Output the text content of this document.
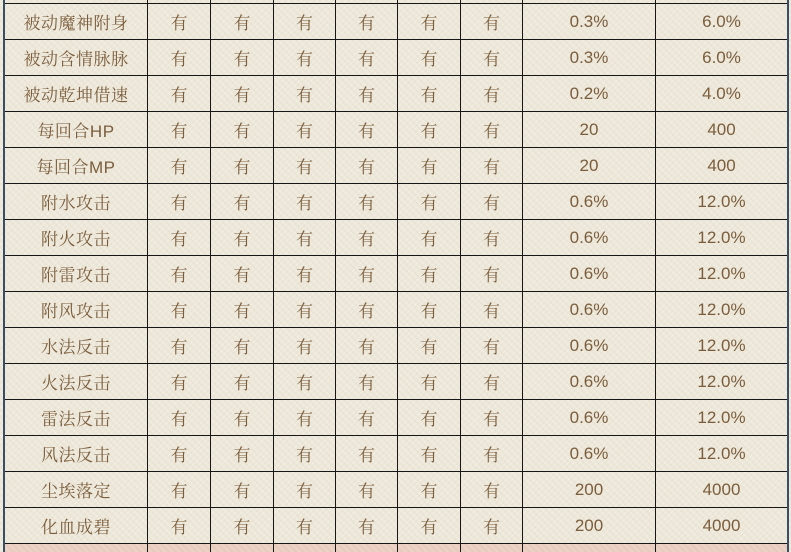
被动魔神附身	有	有	有	有	有	有	0.3%	6.0%
被动含情脉脉	有	有	有	有	有	有	0.3%	6.0%
被动乾坤借速	有	有	有	有	有	有	0.2%	4.0%
每回合HP	有	有	有	有	有	有	20	400
每回合MP	有	有	有	有	有	有	20	400
附水攻击	有	有	有	有	有	有	0.6%	12.0%
附火攻击	有	有	有	有	有	有	0.6%	12.0%
附雷攻击	有	有	有	有	有	有	0.6%	12.0%
附风攻击	有	有	有	有	有	有	0.6%	12.0%
水法反击	有	有	有	有	有	有	0.6%	12.0%
火法反击	有	有	有	有	有	有	0.6%	12.0%
雷法反击	有	有	有	有	有	有	0.6%	12.0%
风法反击	有	有	有	有	有	有	0.6%	12.0%
尘埃落定	有	有	有	有	有	有	200	4000
化血成碧	有	有	有	有	有	有	200	4000
